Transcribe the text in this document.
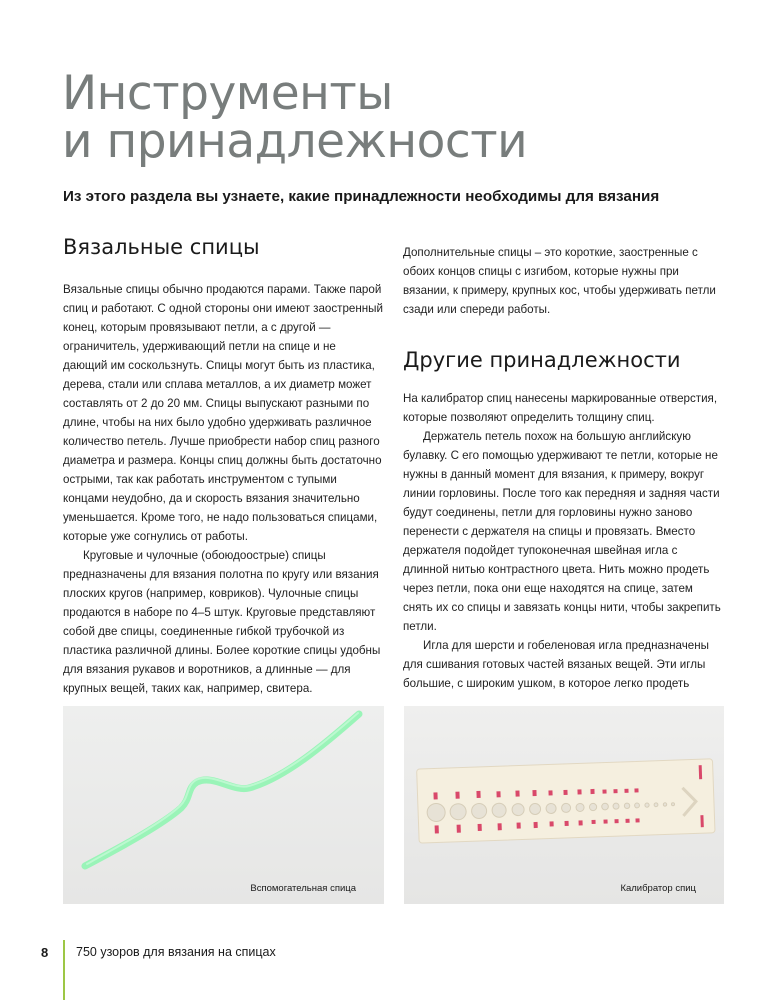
Инструменты
и принадлежности
Из этого раздела вы узнаете, какие принадлежности необходимы для вязания
Вязальные спицы

Вязальные спицы обычно продаются парами. Также парой спиц и работают. С одной стороны они имеют заостренный конец, которым провязывают петли, а с другой — ограничитель, удерживающий петли на спице и не дающий им соскользнуть. Спицы могут быть из пластика, дерева, стали или сплава металлов, а их диаметр может составлять от 2 до 20 мм. Спицы выпускают разными по длине, чтобы на них было удобно удерживать различное количество петель. Лучше приобрести набор спиц разного диаметра и размера. Концы спиц должны быть достаточно острыми, так как работать инструментом с тупыми концами неудобно, да и скорость вязания значительно уменьшается. Кроме того, не надо пользоваться спицами, которые уже согнулись от работы.

Круговые и чулочные (обоюдоострые) спицы предназначены для вязания полотна по кругу или вязания плоских кругов (например, ковриков). Чулочные спицы продаются в наборе по 4–5 штук. Круговые представляют собой две спицы, соединенные гибкой трубочкой из пластика различной длины. Более короткие спицы удобны для вязания рукавов и воротников, а длинные — для крупных вещей, таких как, например, свитера.

Дополнительные спицы – это короткие, заостренные с обоих концов спицы с изгибом, которые нужны при вязании, к примеру, крупных кос, чтобы удерживать петли сзади или спереди работы.

Другие принадлежности

На калибратор спиц нанесены маркированные отверстия, которые позволяют определить толщину спиц.

Держатель петель похож на большую английскую булавку. С его помощью удерживают те петли, которые не нужны в данный момент для вязания, к примеру, вокруг линии горловины. После того как передняя и задняя части будут соединены, петли для горловины нужно заново перенести с держателя на спицы и провязать. Вместо держателя подойдет тупоконечная швейная игла с длинной нитью контрастного цвета. Нить можно продеть через петли, пока они еще находятся на спице, затем снять их со спицы и завязать концы нити, чтобы закрепить петли.

Игла для шерсти и гобеленовая игла предназначены для сшивания готовых частей вязаных вещей. Эти иглы большие, с широким ушком, в которое легко продеть

Вспомогательная спица	Калибратор спиц
8 750 узоров для вязания на спицах
